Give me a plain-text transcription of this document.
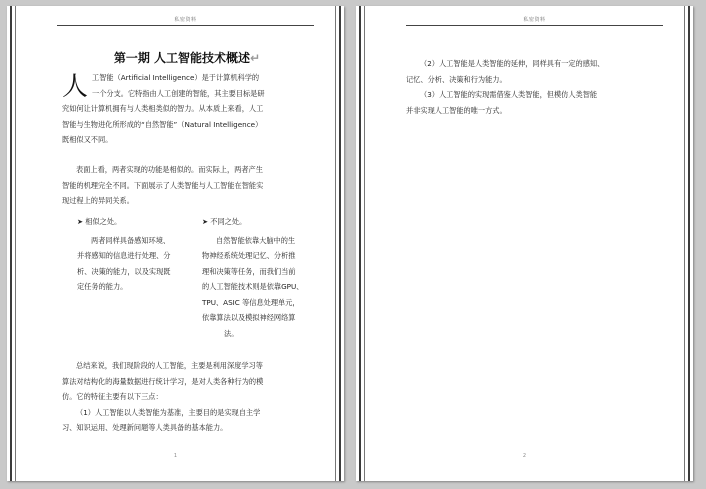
私密资料
第一期 人工智能技术概述↵
人 工智能（Artificial Intelligence）是于计算机科学的
一个分支。它特指由人工创建的智能，其主要目标是研
究如何让计算机拥有与人类相类似的智力。从本质上来看，人工
智能与生物进化所形成的“自然智能”（Natural Intelligence）
既相似又不同。
表面上看，两者实现的功能是相似的。而实际上，两者产生
智能的机理完全不同。下面展示了人类智能与人工智能在智能实
现过程上的异同关系。
➤ 相似之处。
两者同样具备感知环境、
并将感知的信息进行处理、分
析、决策的能力，以及实现既
定任务的能力。
➤ 不同之处。
自然智能依靠大脑中的生
物神经系统处理记忆、分析推
理和决策等任务，而我们当前
的人工智能技术则是依靠GPU、
TPU、ASIC 等信息处理单元，
依靠算法以及模拟神经网络算
法。
总结来说，我们现阶段的人工智能，主要是利用深度学习等
算法对结构化的海量数据进行统计学习，是对人类各种行为的模
仿。它的特征主要有以下三点：
（1）人工智能以人类智能为基准，主要目的是实现自主学
习、知识运用、处理新问题等人类具备的基本能力。
1
私密资料
（2）人工智能是人类智能的延伸，同样具有一定的感知、
记忆、分析、决策和行为能力。
（3）人工智能的实现需借鉴人类智能，但模仿人类智能
并非实现人工智能的唯一方式。
2
